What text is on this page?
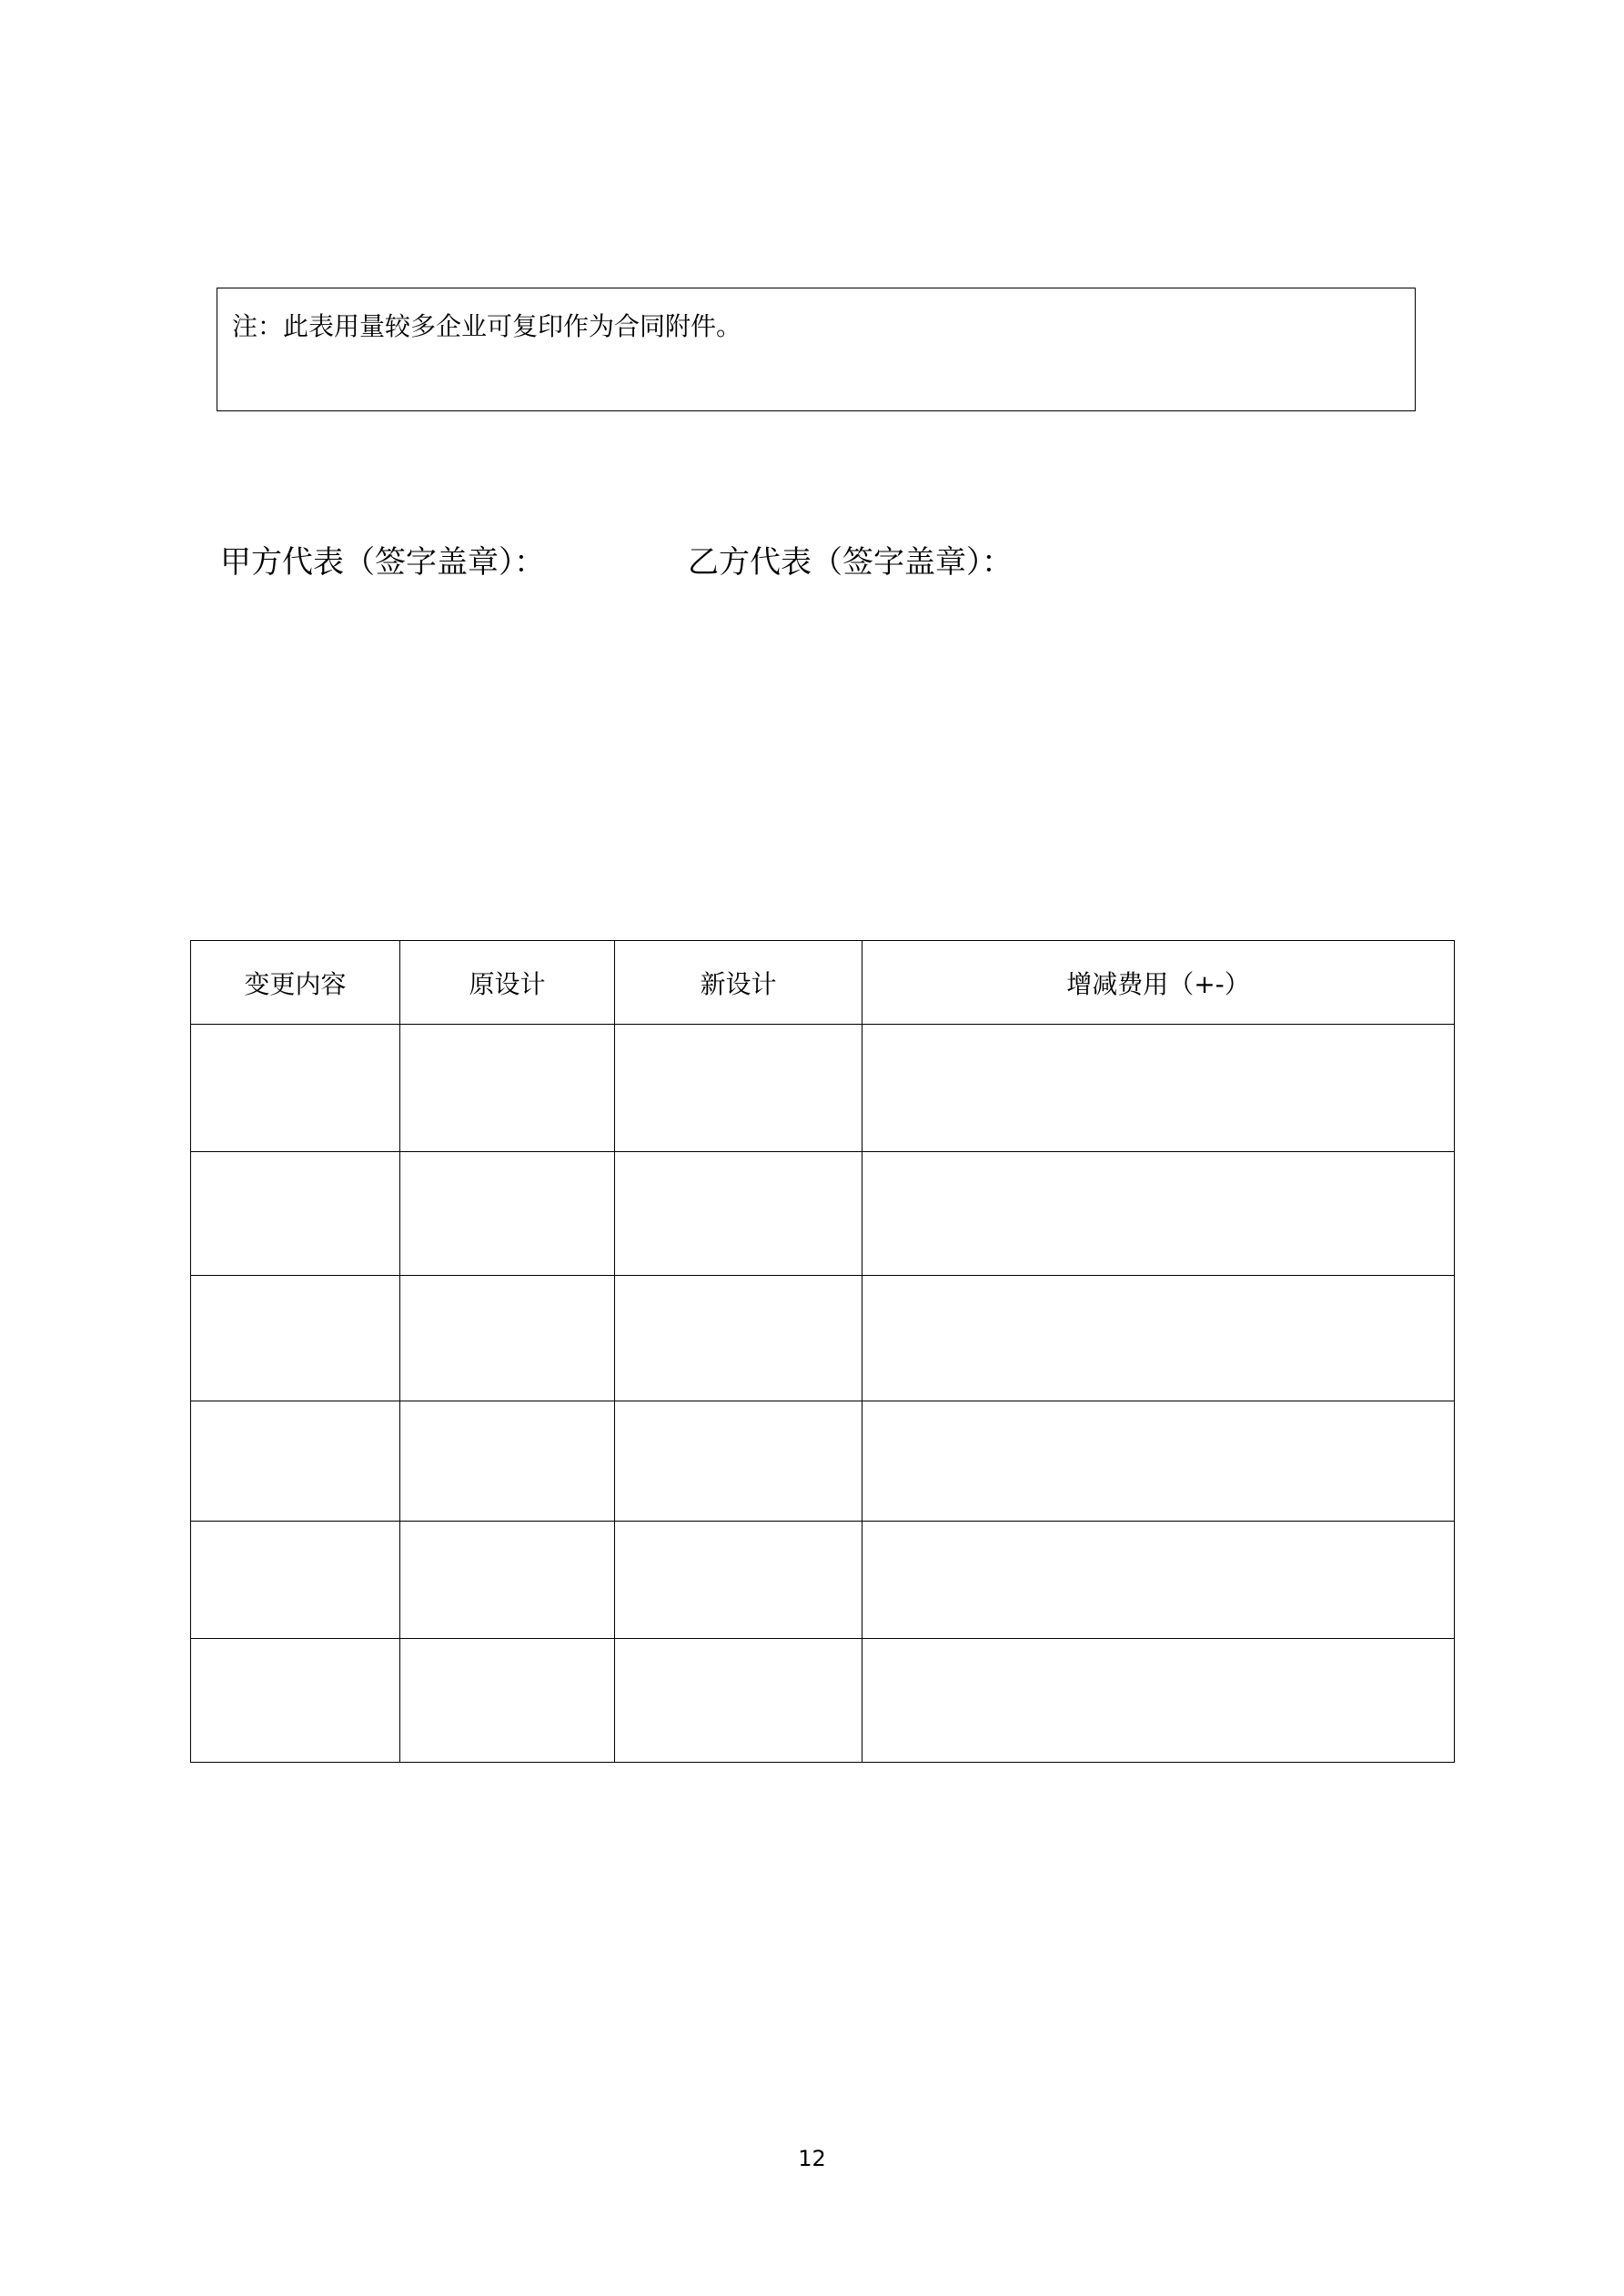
注：此表用量较多企业可复印作为合同附件。
甲方代表（签字盖章）：	乙方代表（签字盖章）：
变更内容	原设计	新设计	增减费用（+-）

12
